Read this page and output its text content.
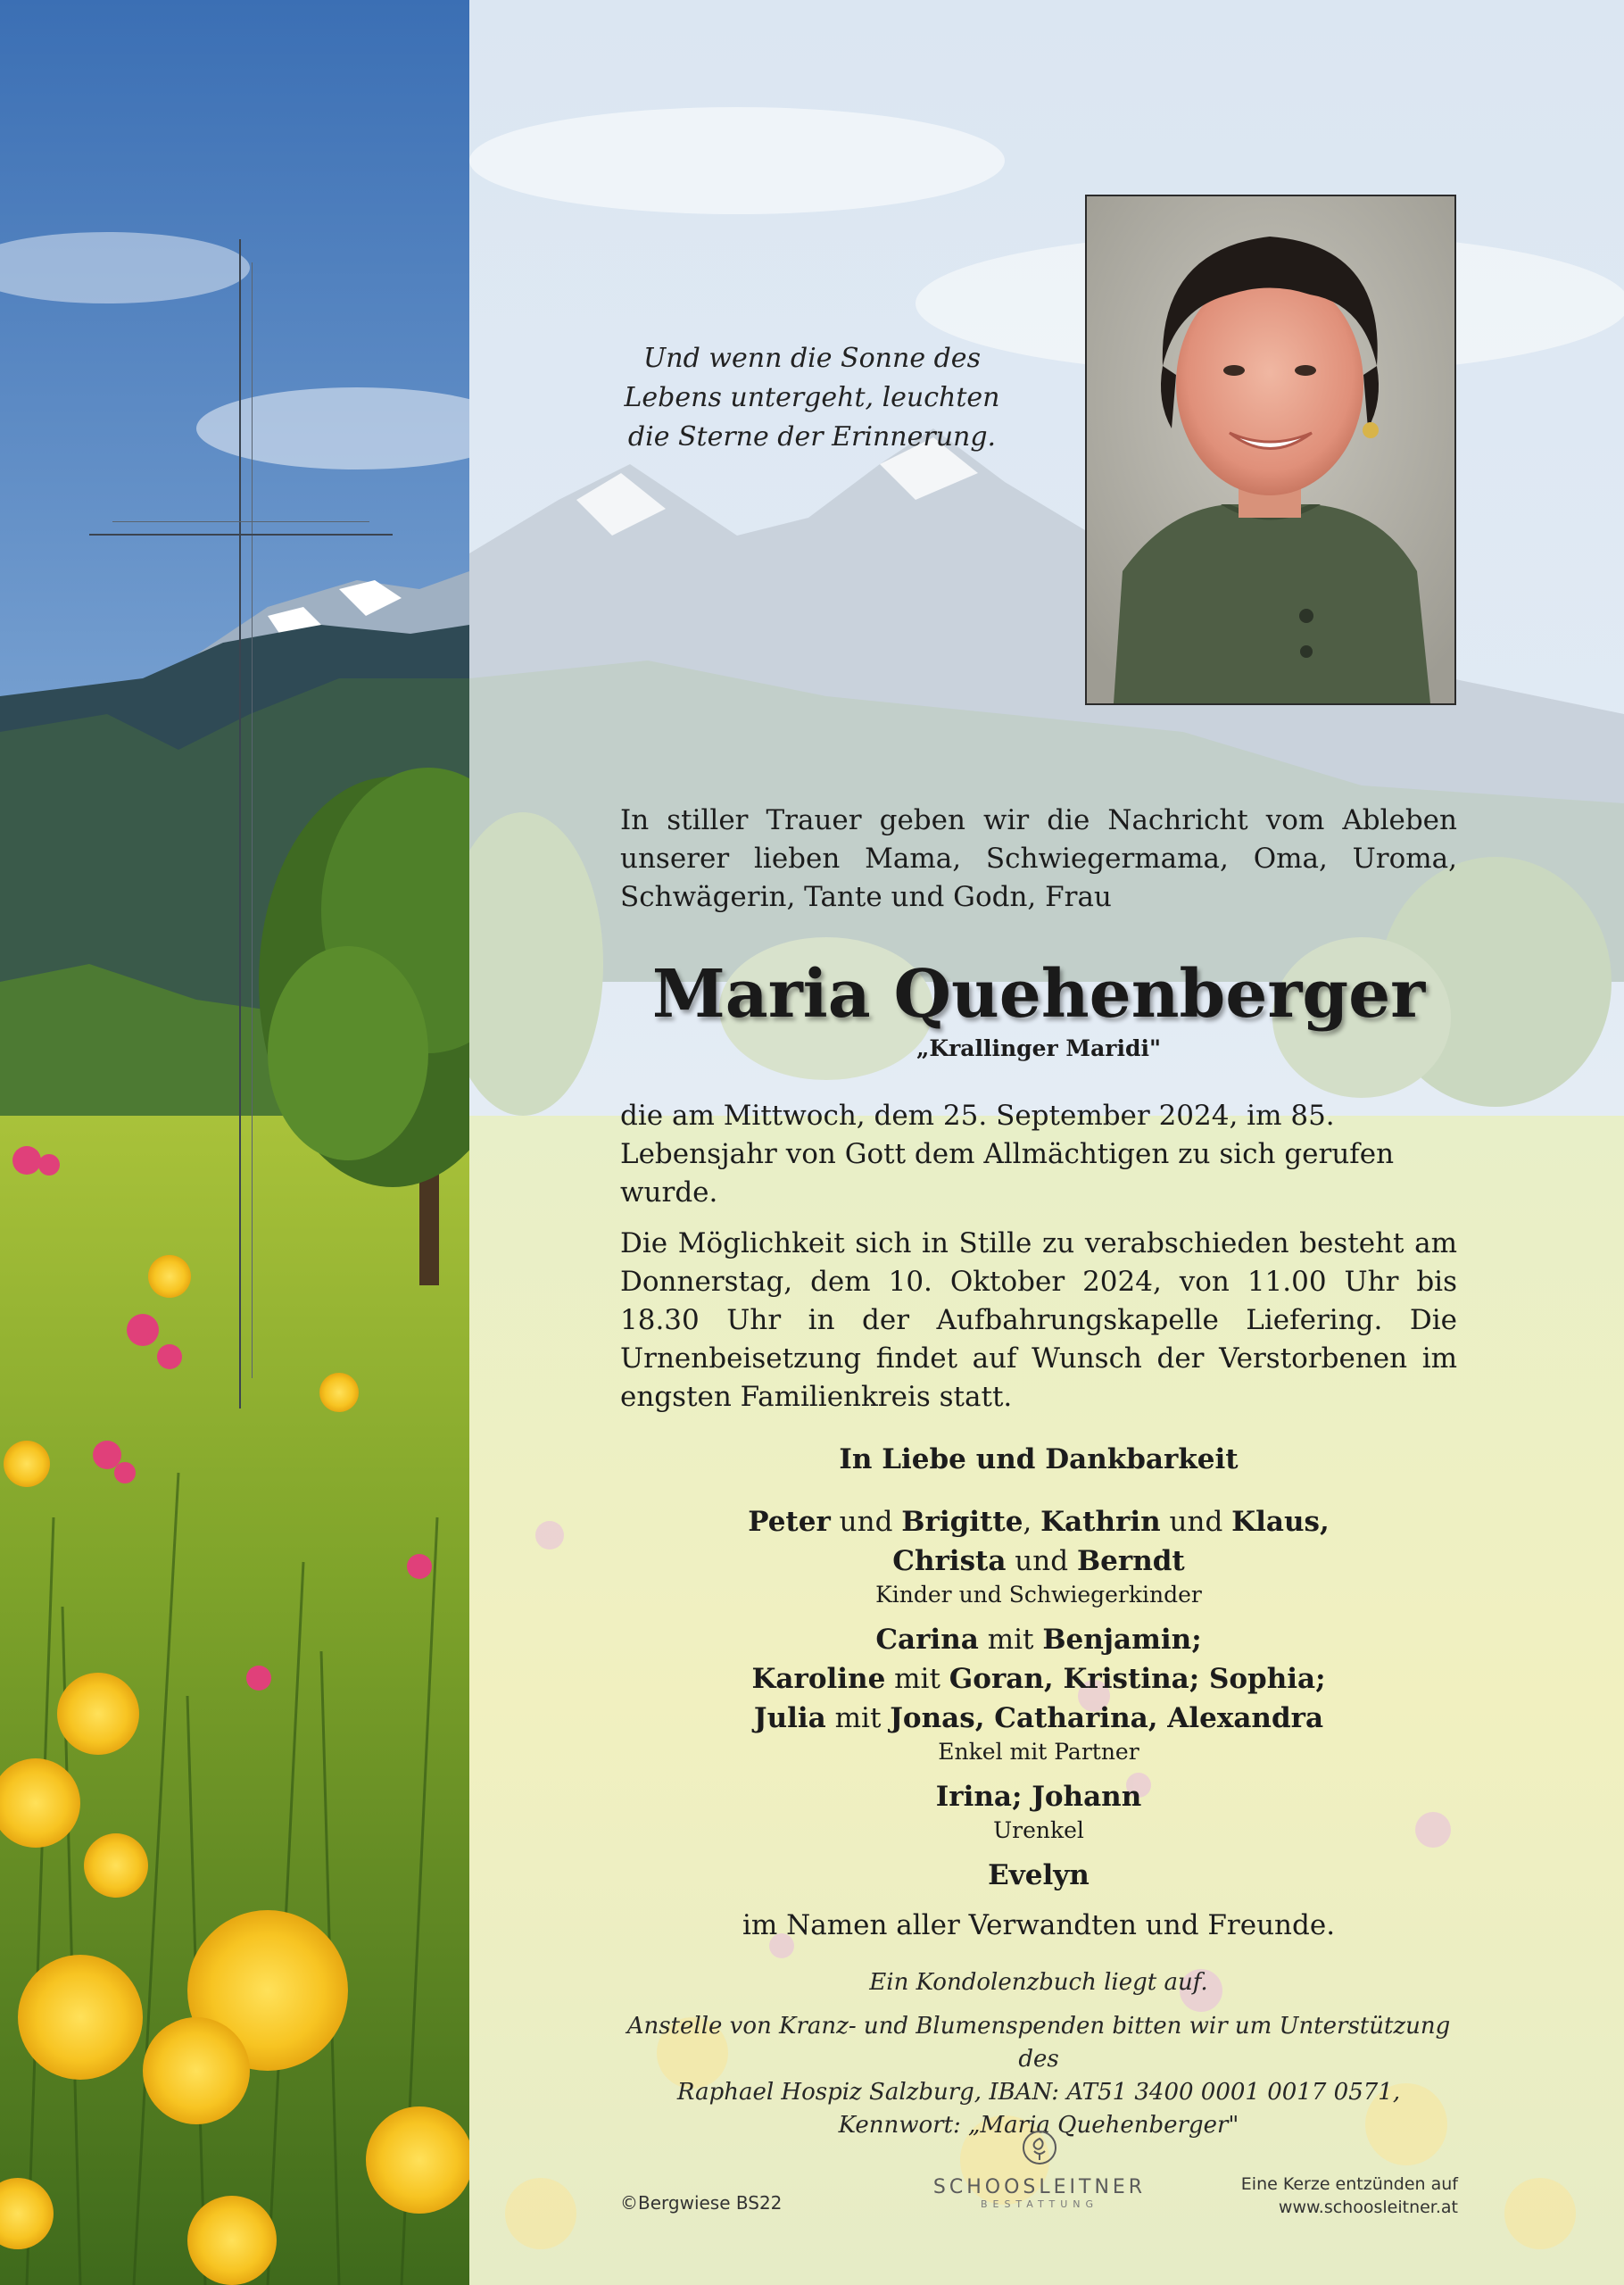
Und wenn die Sonne des
Lebens untergeht, leuchten
die Sterne der Erinnerung.

In stiller Trauer geben wir die Nachricht vom Ableben unserer lieben Mama, Schwiegermama, Oma, Uroma, Schwägerin, Tante und Godn, Frau

Maria Quehenberger

„Krallinger Maridi"

die am Mittwoch, dem 25. September 2024, im 85. Lebensjahr von Gott dem Allmächtigen zu sich gerufen wurde.

Die Möglichkeit sich in Stille zu verabschieden besteht am Donnerstag, dem 10. Oktober 2024, von 11.00 Uhr bis 18.30 Uhr in der Aufbahrungskapelle Liefering. Die Urnenbeisetzung findet auf Wunsch der Verstorbenen im engsten Familienkreis statt.

In Liebe und Dankbarkeit

Peter und Brigitte, Kathrin und Klaus,
Christa und Berndt
Kinder und Schwiegerkinder
Carina mit Benjamin;
Karoline mit Goran, Kristina; Sophia;
Julia mit Jonas, Catharina, Alexandra
Enkel mit Partner
Irina; Johann
Urenkel
Evelyn
im Namen aller Verwandten und Freunde.

Ein Kondolenzbuch liegt auf.

Anstelle von Kranz- und Blumenspenden bitten wir um Unterstützung des

Raphael Hospiz Salzburg, IBAN: AT51 3400 0001 0017 0571,

Kennwort: „Maria Quehenberger"

©Bergwiese BS22
SCHOOSLEITNER
BESTATTUNG
Eine Kerze entzünden auf
www.schoosleitner.at
